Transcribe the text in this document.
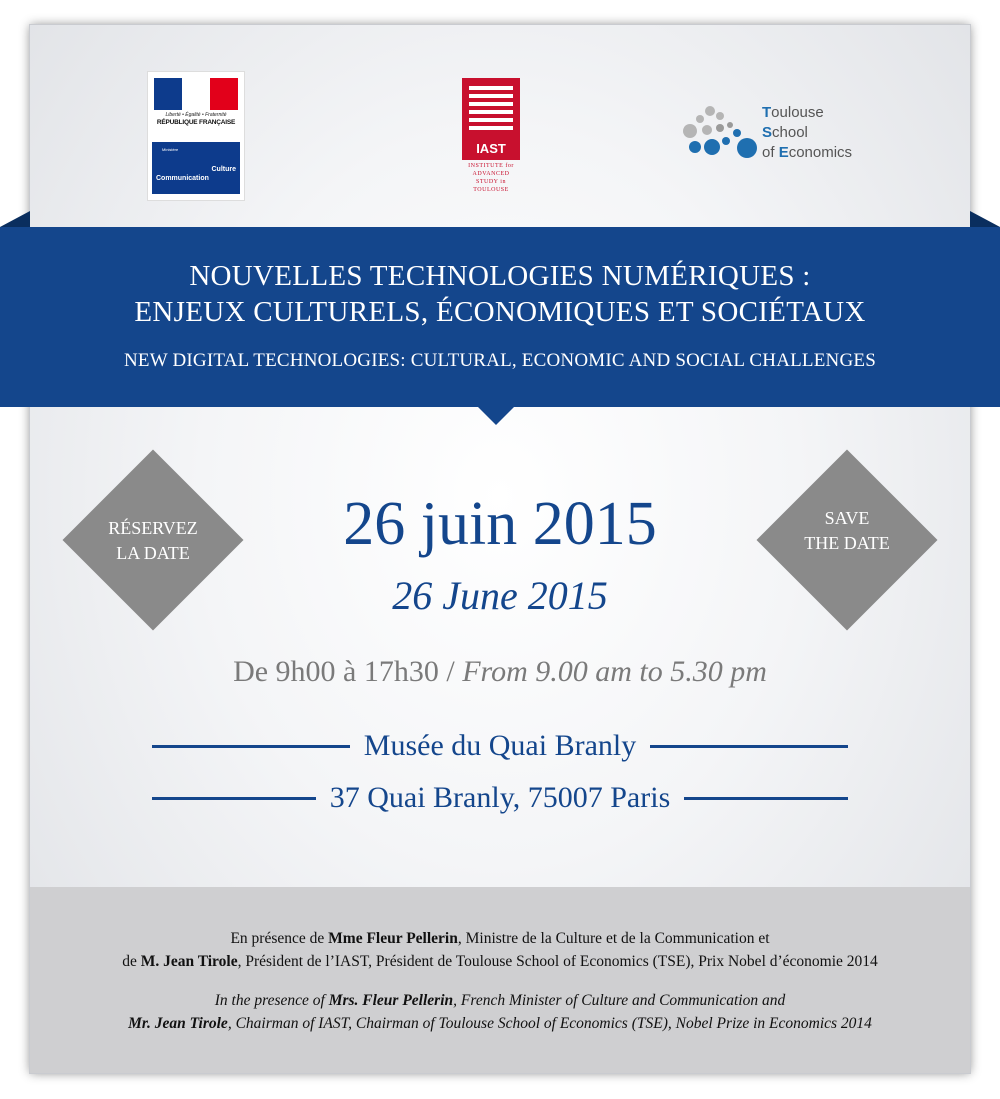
Liberté • Égalité • Fraternité
RÉPUBLIQUE FRANÇAISE
Ministère
Culture
Communication
IAST
INSTITUTE for
ADVANCED
STUDY in
TOULOUSE
Toulouse
School
of Economics
NOUVELLES TECHNOLOGIES NUMÉRIQUES :
ENJEUX CULTURELS, ÉCONOMIQUES ET SOCIÉTAUX
NEW DIGITAL TECHNOLOGIES: CULTURAL, ECONOMIC AND SOCIAL CHALLENGES
RÉSERVEZ
LA DATE
SAVE
THE DATE
26 juin 2015
26 June 2015
De 9h00 à 17h30 / From 9.00 am to 5.30 pm
Musée du Quai Branly
37 Quai Branly, 75007 Paris
En présence de Mme Fleur Pellerin, Ministre de la Culture et de la Communication et
de M. Jean Tirole, Président de l’IAST, Président de Toulouse School of Economics (TSE), Prix Nobel d’économie 2014
In the presence of Mrs. Fleur Pellerin, French Minister of Culture and Communication and
Mr. Jean Tirole, Chairman of IAST, Chairman of Toulouse School of Economics (TSE), Nobel Prize in Economics 2014
